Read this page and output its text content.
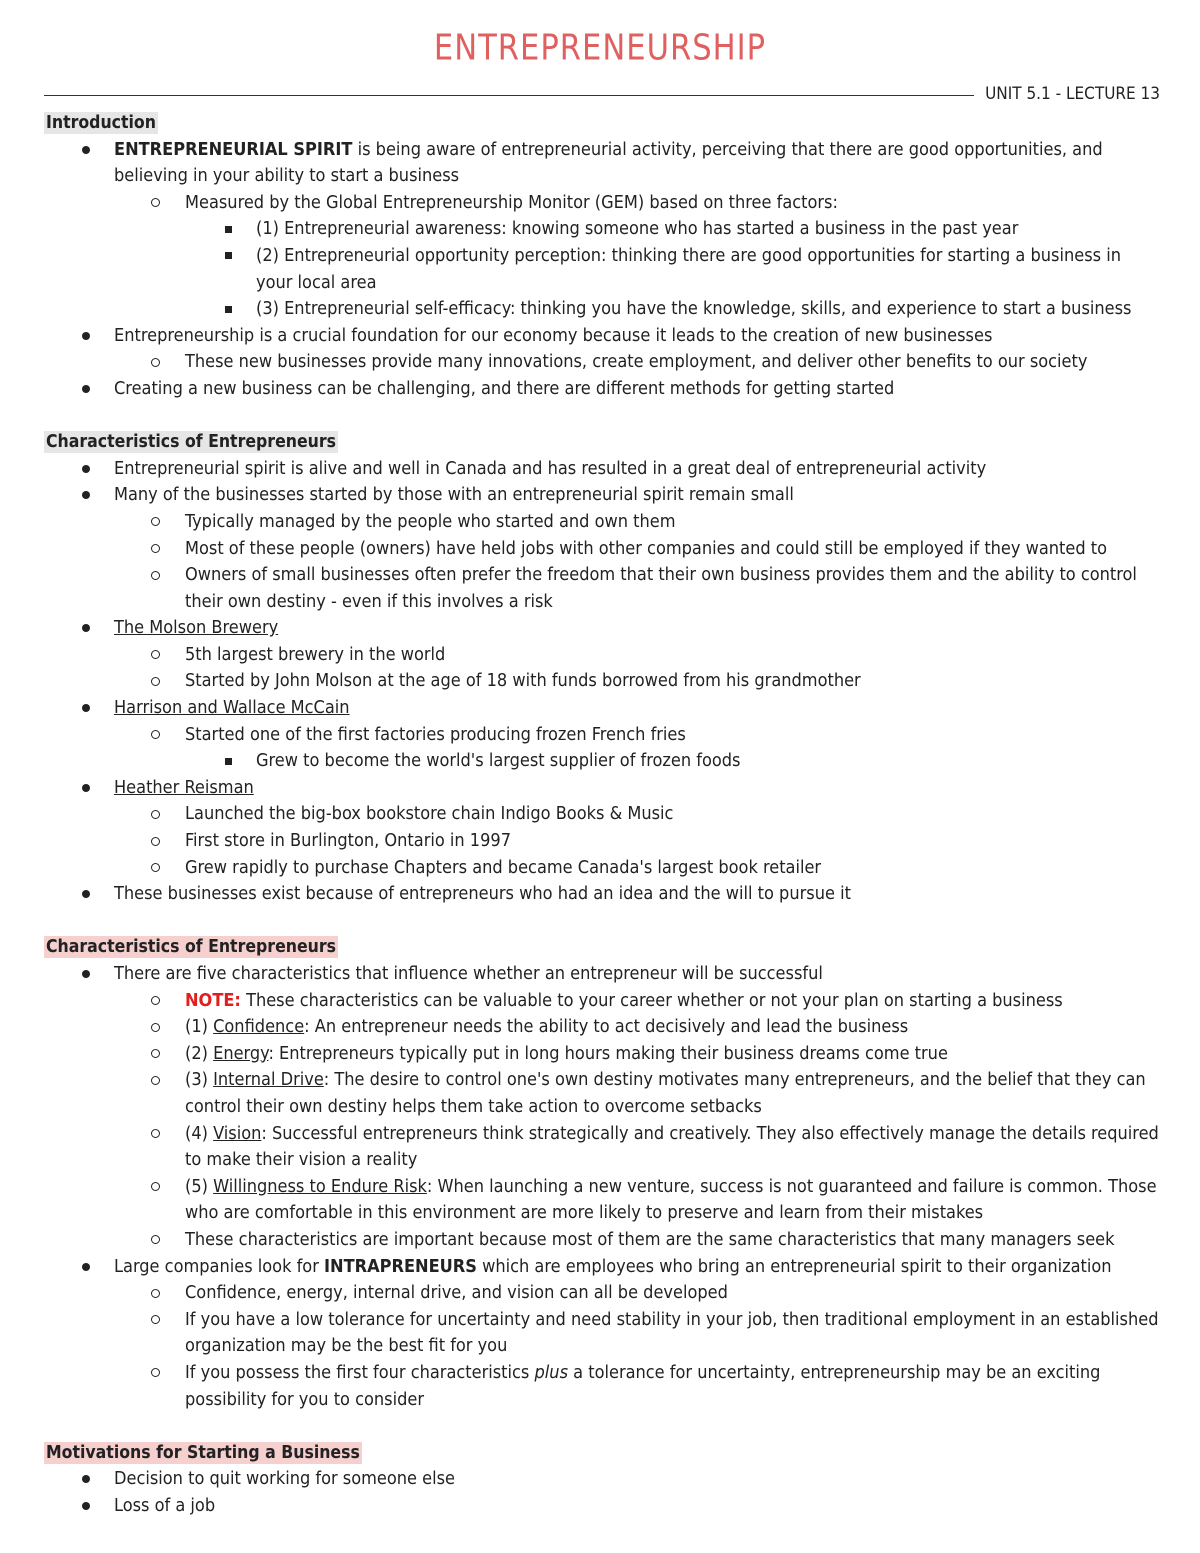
ENTREPRENEURSHIP
UNIT 5.1 - LECTURE 13
Introduction
ENTREPRENEURIAL SPIRIT is being aware of entrepreneurial activity, perceiving that there are good opportunities, and believing in your ability to start a business
Measured by the Global Entrepreneurship Monitor (GEM) based on three factors:
(1) Entrepreneurial awareness: knowing someone who has started a business in the past year
(2) Entrepreneurial opportunity perception: thinking there are good opportunities for starting a business in your local area
(3) Entrepreneurial self-efficacy: thinking you have the knowledge, skills, and experience to start a business
Entrepreneurship is a crucial foundation for our economy because it leads to the creation of new businesses
These new businesses provide many innovations, create employment, and deliver other benefits to our society
Creating a new business can be challenging, and there are different methods for getting started
Characteristics of Entrepreneurs
Entrepreneurial spirit is alive and well in Canada and has resulted in a great deal of entrepreneurial activity
Many of the businesses started by those with an entrepreneurial spirit remain small
Typically managed by the people who started and own them
Most of these people (owners) have held jobs with other companies and could still be employed if they wanted to
Owners of small businesses often prefer the freedom that their own business provides them and the ability to control their own destiny - even if this involves a risk
The Molson Brewery
5th largest brewery in the world
Started by John Molson at the age of 18 with funds borrowed from his grandmother
Harrison and Wallace McCain
Started one of the first factories producing frozen French fries
Grew to become the world's largest supplier of frozen foods
Heather Reisman
Launched the big-box bookstore chain Indigo Books & Music
First store in Burlington, Ontario in 1997
Grew rapidly to purchase Chapters and became Canada's largest book retailer
These businesses exist because of entrepreneurs who had an idea and the will to pursue it
Characteristics of Entrepreneurs
There are five characteristics that influence whether an entrepreneur will be successful
NOTE: These characteristics can be valuable to your career whether or not your plan on starting a business
(1) Confidence: An entrepreneur needs the ability to act decisively and lead the business
(2) Energy: Entrepreneurs typically put in long hours making their business dreams come true
(3) Internal Drive: The desire to control one's own destiny motivates many entrepreneurs, and the belief that they can control their own destiny helps them take action to overcome setbacks
(4) Vision: Successful entrepreneurs think strategically and creatively. They also effectively manage the details required to make their vision a reality
(5) Willingness to Endure Risk: When launching a new venture, success is not guaranteed and failure is common. Those who are comfortable in this environment are more likely to preserve and learn from their mistakes
These characteristics are important because most of them are the same characteristics that many managers seek
Large companies look for INTRAPRENEURS which are employees who bring an entrepreneurial spirit to their organization
Confidence, energy, internal drive, and vision can all be developed
If you have a low tolerance for uncertainty and need stability in your job, then traditional employment in an established organization may be the best fit for you
If you possess the first four characteristics plus a tolerance for uncertainty, entrepreneurship may be an exciting possibility for you to consider
Motivations for Starting a Business
Decision to quit working for someone else
Loss of a job
